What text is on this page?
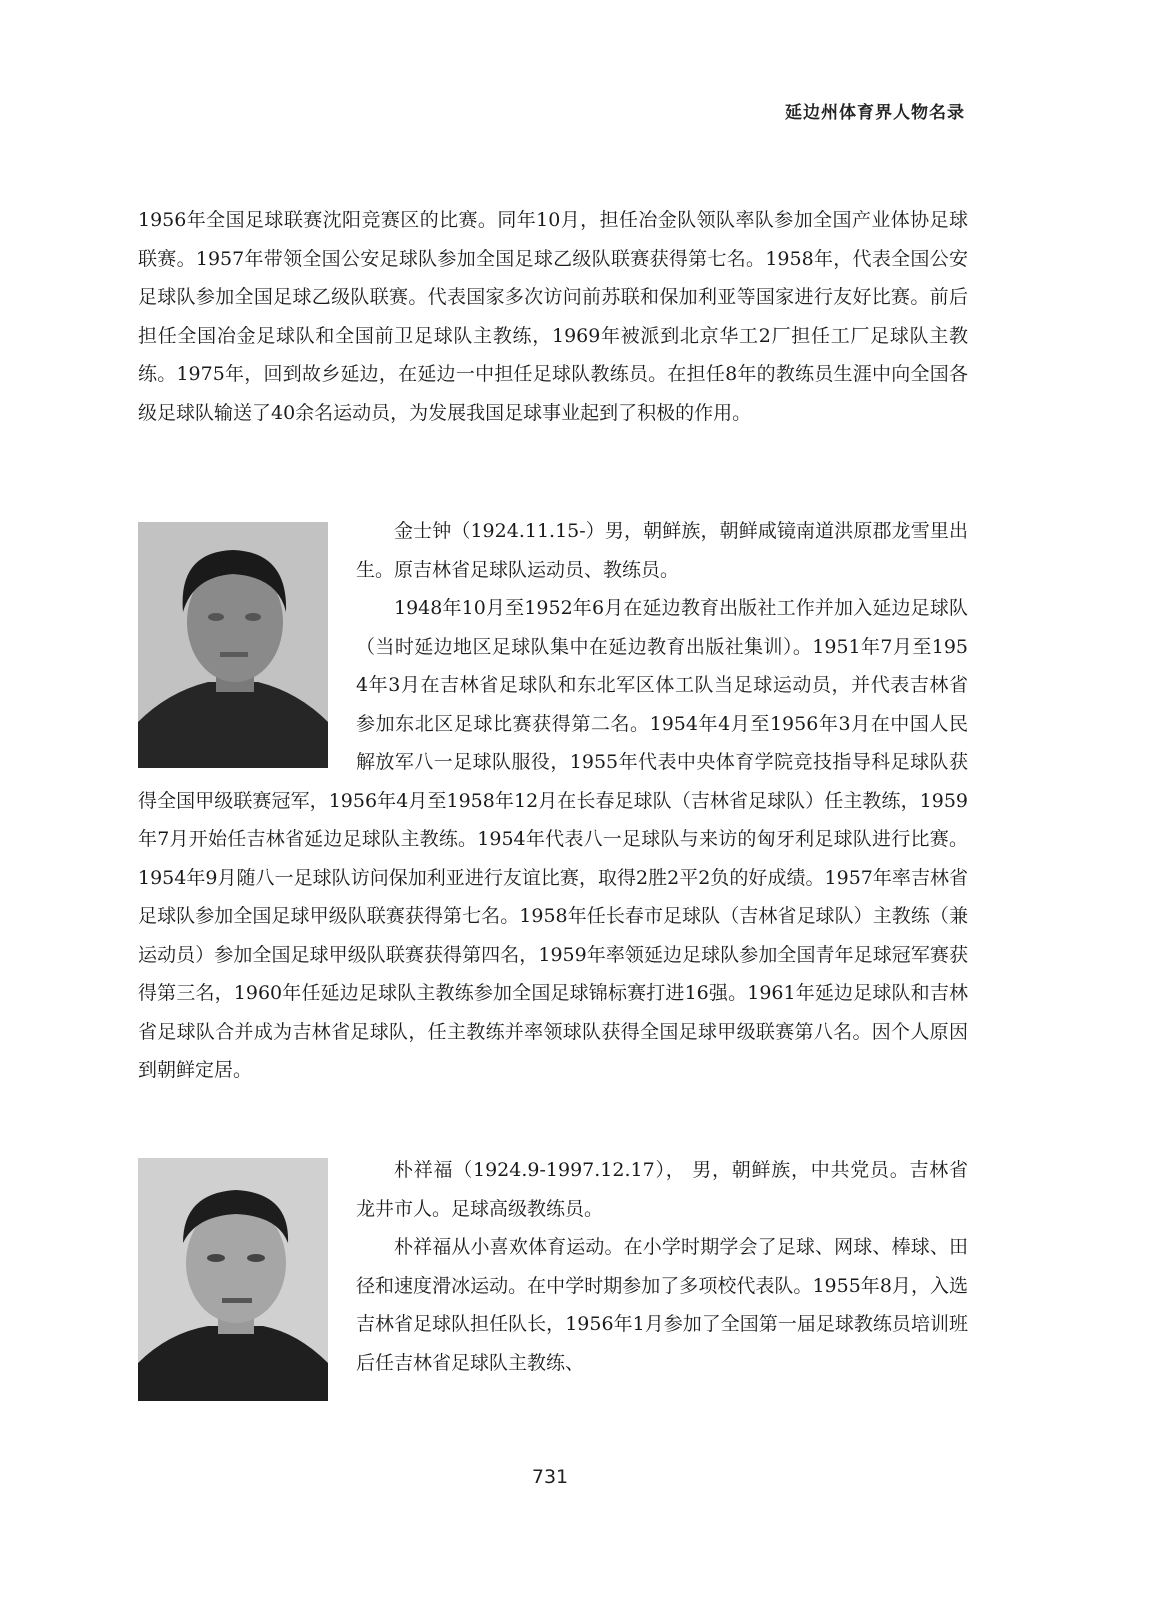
延边州体育界人物名录

1956年全国足球联赛沈阳竞赛区的比赛。同年10月，担任冶金队领队率队参加全国产业体协足球联赛。1957年带领全国公安足球队参加全国足球乙级队联赛获得第七名。1958年，代表全国公安足球队参加全国足球乙级队联赛。代表国家多次访问前苏联和保加利亚等国家进行友好比赛。前后担任全国冶金足球队和全国前卫足球队主教练，1969年被派到北京华工2厂担任工厂足球队主教练。1975年，回到故乡延边，在延边一中担任足球队教练员。在担任8年的教练员生涯中向全国各级足球队输送了40余名运动员，为发展我国足球事业起到了积极的作用。

金士钟（1924.11.15-）男，朝鲜族，朝鲜咸镜南道洪原郡龙雪里出生。原吉林省足球队运动员、教练员。

1948年10月至1952年6月在延边教育出版社工作并加入延边足球队（当时延边地区足球队集中在延边教育出版社集训）。1951年7月至1954年3月在吉林省足球队和东北军区体工队当足球运动员，并代表吉林省参加东北区足球比赛获得第二名。1954年4月至1956年3月在中国人民解放军八一足球队服役，1955年代表中央体育学院竞技指导科足球队获得全国甲级联赛冠军，1956年4月至1958年12月在长春足球队（吉林省足球队）任主教练，1959年7月开始任吉林省延边足球队主教练。1954年代表八一足球队与来访的匈牙利足球队进行比赛。1954年9月随八一足球队访问保加利亚进行友谊比赛，取得2胜2平2负的好成绩。1957年率吉林省足球队参加全国足球甲级队联赛获得第七名。1958年任长春市足球队（吉林省足球队）主教练（兼运动员）参加全国足球甲级队联赛获得第四名，1959年率领延边足球队参加全国青年足球冠军赛获得第三名，1960年任延边足球队主教练参加全国足球锦标赛打进16强。1961年延边足球队和吉林省足球队合并成为吉林省足球队，任主教练并率领球队获得全国足球甲级联赛第八名。因个人原因到朝鲜定居。

朴祥福（1924.9-1997.12.17）， 男，朝鲜族，中共党员。吉林省龙井市人。足球高级教练员。

朴祥福从小喜欢体育运动。在小学时期学会了足球、网球、棒球、田径和速度滑冰运动。在中学时期参加了多项校代表队。1955年8月，入选吉林省足球队担任队长，1956年1月参加了全国第一届足球教练员培训班后任吉林省足球队主教练、

731
